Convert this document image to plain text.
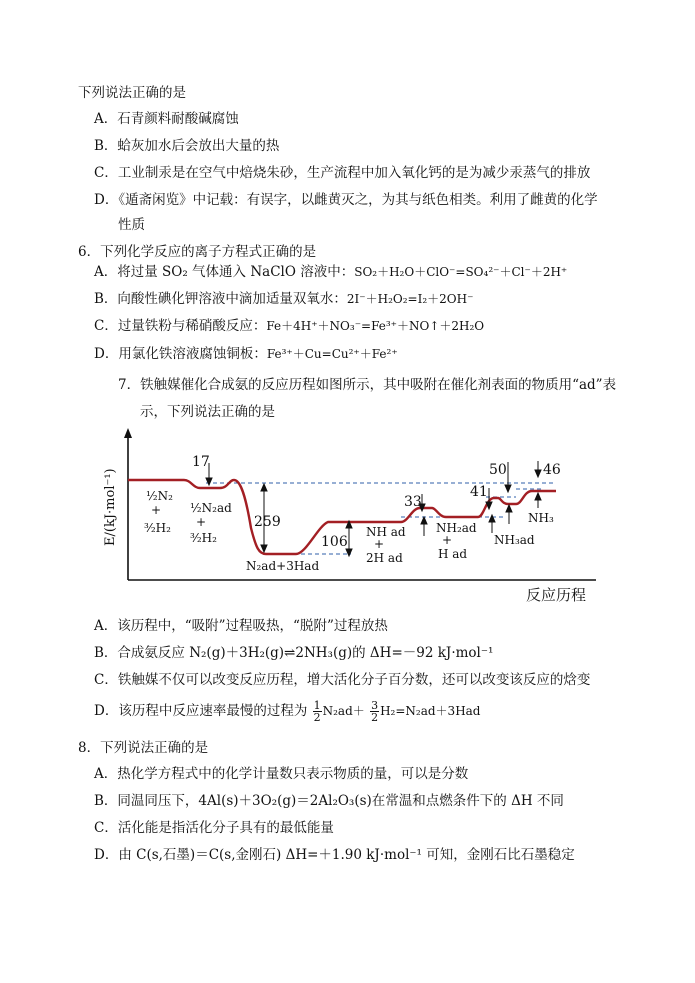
下列说法正确的是
A．石青颜料耐酸碱腐蚀
B．蛤灰加水后会放出大量的热
C．工业制汞是在空气中焙烧朱砂，生产流程中加入氧化钙的是为减少汞蒸气的排放
D．《遁斋闲览》中记载：有误字，以雌黄灭之，为其与纸色相类。利用了雌黄的化学
性质
6．下列化学反应的离子方程式正确的是
A．将过量 SO₂ 气体通入 NaClO 溶液中：SO₂＋H₂O＋ClO⁻=SO₄²⁻＋Cl⁻＋2H⁺
B．向酸性碘化钾溶液中滴加适量双氧水：2I⁻＋H₂O₂=I₂＋2OH⁻
C．过量铁粉与稀硝酸反应：Fe＋4H⁺＋NO₃⁻=Fe³⁺＋NO↑＋2H₂O
D．用氯化铁溶液腐蚀铜板：Fe³⁺＋Cu=Cu²⁺＋Fe²⁺
7．铁触媒催化合成氨的反应历程如图所示，其中吸附在催化剂表面的物质用“ad”表
示，下列说法正确的是
E/(kJ·mol⁻¹)
反应历程
17
259
106
33
50
41
46
½N₂
+
³⁄₂H₂
½N₂ad
+
³⁄₂H₂
N₂ad+3Had
NH ad
+
2H ad
NH₂ad
+
H ad
NH₃ad
NH₃
A．该历程中，“吸附”过程吸热，“脱附”过程放热
B．合成氨反应 N₂(g)＋3H₂(g)⇌2NH₃(g)的 ΔH=－92 kJ·mol⁻¹
C．铁触媒不仅可以改变反应历程，增大活化分子百分数，还可以改变该反应的焓变
D．该历程中反应速率最慢的过程为 $\frac{1}{2} N_2ad+ \frac{3}{2} H_2=N_2ad+3Had$
8．下列说法正确的是
A．热化学方程式中的化学计量数只表示物质的量，可以是分数
B．同温同压下，4Al(s)＋3O₂(g)＝2Al₂O₃(s)在常温和点燃条件下的 ΔH 不同
C．活化能是指活化分子具有的最低能量
D．由 C(s,石墨)＝C(s,金刚石) ΔH=＋1.90 kJ·mol⁻¹ 可知，金刚石比石墨稳定
